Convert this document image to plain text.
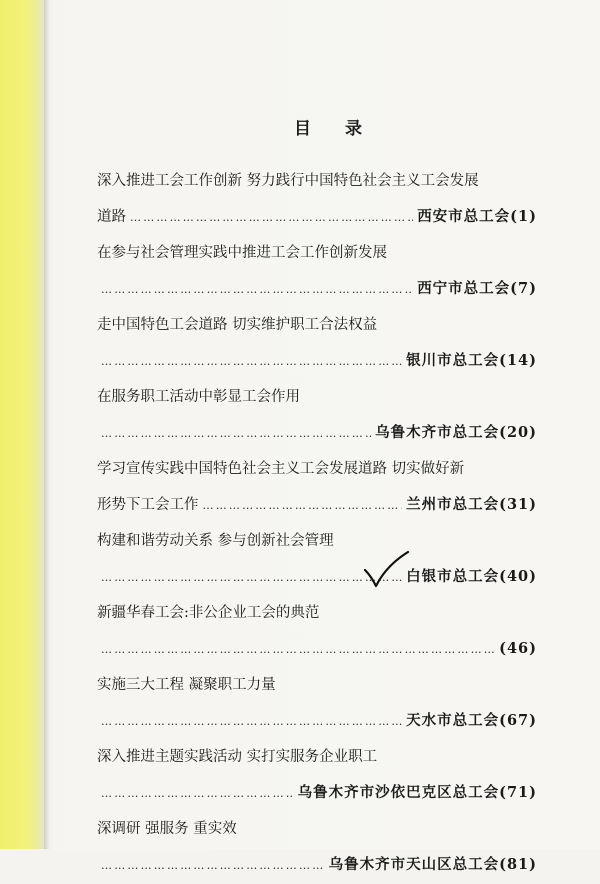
目 录
深入推进工会工作创新 努力践行中国特色社会主义工会发展
道路 ……………………………………………………………………………………………………………	西安市总工会(1)
在参与社会管理实践中推进工会工作创新发展
……………………………………………………………………………………………………………
西宁市总工会(7)
走中国特色工会道路 切实维护职工合法权益
……………………………………………………………………………………………………………
银川市总工会(14)
在服务职工活动中彰显工会作用
……………………………………………………………………………………………………………
乌鲁木齐市总工会(20)
学习宣传实践中国特色社会主义工会发展道路 切实做好新
形势下工会工作 ……………………………………………………………………………………………………………	兰州市总工会(31)
构建和谐劳动关系 参与创新社会管理
……………………………………………………………………………………………………………
白银市总工会(40)
新疆华春工会:非公企业工会的典范
……………………………………………………………………………………………………………
(46)
实施三大工程 凝聚职工力量
……………………………………………………………………………………………………………
天水市总工会(67)
深入推进主题实践活动 实打实服务企业职工
……………………………………………………………………………………………………………
乌鲁木齐市沙依巴克区总工会(71)
深调研 强服务 重实效
……………………………………………………………………………………………………………
乌鲁木齐市天山区总工会(81)
